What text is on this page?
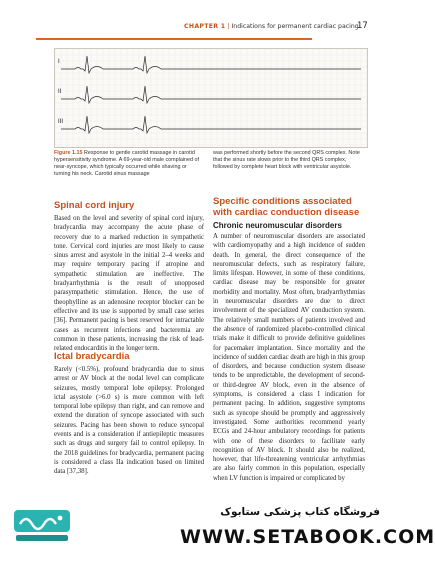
CHAPTER 1 | Indications for permanent cardiac pacing
17
I
II
III
Figure 1.15 Response to gentle carotid massage in carotid hypersensitivity syndrome. A 69-year-old male complained of near-syncope, which typically occurred while shaving or turning his neck. Carotid sinus massage
was performed shortly before the second QRS complex. Note that the sinus rate slows prior to the third QRS complex, followed by complete heart block with ventricular asystole.
Spinal cord injury
Based on the level and severity of spinal cord injury, bradycardia may accompany the acute phase of recovery due to a marked reduction in sympathetic tone. Cervical cord injuries are most likely to cause sinus arrest and asystole in the initial 2–4 weeks and may require temporary pacing if atropine and sympathetic stimulation are ineffective. The bradyarrhythmia is the result of unopposed parasympathetic stimulation. Hence, the use of theophylline as an adenosine receptor blocker can be effective and its use is supported by small case series [36]. Permanent pacing is best reserved for intractable cases as recurrent infections and bacteremia are common in these patients, increasing the risk of lead-related endocarditis in the longer term.
Ictal bradycardia
Rarely (<0.5%), profound bradycardia due to sinus arrest or AV block at the nodal level can complicate seizures, mostly temporal lobe epilepsy. Prolonged ictal asystole (>6.0 s) is more common with left temporal lobe epilepsy than right, and can remove and extend the duration of syncope associated with such seizures. Pacing has been shown to reduce syncopal events and is a consideration if antiepileptic measures such as drugs and surgery fail to control epilepsy. In the 2018 guidelines for bradycardia, permanent pacing is considered a class IIa indication based on limited data [37,38].
Specific conditions associated with cardiac conduction disease
Chronic neuromuscular disorders
A number of neuromuscular disorders are associated with cardiomyopathy and a high incidence of sudden death. In general, the direct consequence of the neuromuscular defects, such as respiratory failure, limits lifespan. However, in some of these conditions, cardiac disease may be responsible for greater morbidity and mortality. Most often, bradyarrhythmias in neuromuscular disorders are due to direct involvement of the specialized AV conduction system. The relatively small numbers of patients involved and the absence of randomized placebo-controlled clinical trials make it difficult to provide definitive guidelines for pacemaker implantation. Since mortality and the incidence of sudden cardiac death are high in this group of disorders, and because conduction system disease tends to be unpredictable, the development of second- or third-degree AV block, even in the absence of symptoms, is considered a class I indication for permanent pacing. In addition, suggestive symptoms such as syncope should be promptly and aggressively investigated. Some authorities recommend yearly ECGs and 24-hour ambulatory recordings for patients with one of these disorders to facilitate early recognition of AV block. It should also be realized, however, that life-threatening ventricular arrhythmias are also fairly common in this population, especially when LV function is impaired or complicated by
فروشگاه کتاب پزشکی ستابوک
WWW.SETABOOK.COM
